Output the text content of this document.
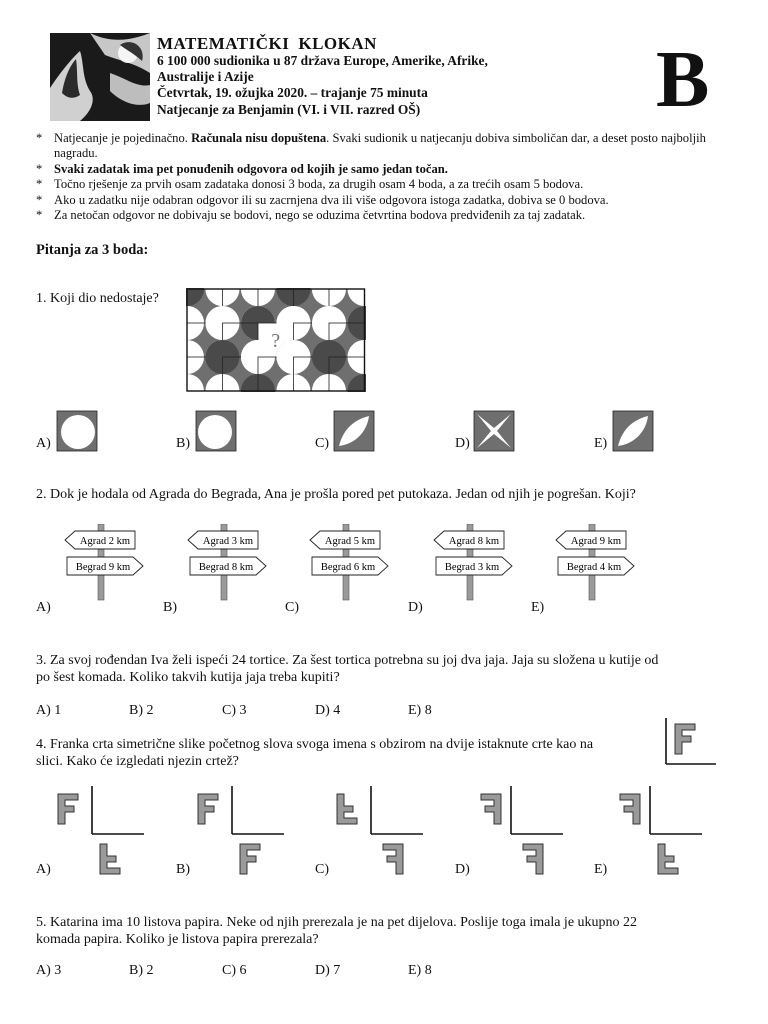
MATEMATIČKI KLOKAN
6 100 000 sudionika u 87 država Europe, Amerike, Afrike,
Australije i Azije
Četvrtak, 19. ožujka 2020. – trajanje 75 minuta
Natjecanje za Benjamin (VI. i VII. razred OŠ)	B
* Natjecanje je pojedinačno. Računala nisu dopuštena. Svaki sudionik u natjecanju dobiva simboličan dar, a deset posto najboljih nagradu.
* Svaki zadatak ima pet ponuđenih odgovora od kojih je samo jedan točan.
* Točno rješenje za prvih osam zadataka donosi 3 boda, za drugih osam 4 boda, a za trećih osam 5 bodova.
* Ako u zadatku nije odabran odgovor ili su zacrnjena dva ili više odgovora istoga zadatka, dobiva se 0 bodova.
* Za netočan odgovor ne dobivaju se bodovi, nego se oduzima četvrtina bodova predviđenih za taj zadatak.
Pitanja za 3 boda:
1. Koji dio nedostaje?
?
A)	B)	C)	D)	E)
2. Dok je hodala od Agrada do Begrada, Ana je prošla pored pet putokaza. Jedan od njih je pogrešan. Koji?
Agrad 2 km
Begrad 9 km
A)
Agrad 3 km
Begrad 8 km
B)
Agrad 5 km
Begrad 6 km
C)
Agrad 8 km
Begrad 3 km
D)
Agrad 9 km
Begrad 4 km
E)
3. Za svoj rođendan Iva želi ispeći 24 tortice. Za šest tortica potrebna su joj dva jaja. Jaja su složena u kutije od
po šest komada. Koliko takvih kutija jaja treba kupiti?
A) 1	B) 2	C) 3	D) 4	E) 8
4. Franka crta simetrične slike početnog slova svoga imena s obzirom na dvije istaknute crte kao na
slici. Kako će izgledati njezin crtež?
A)	B)	C)	D)	E)
5. Katarina ima 10 listova papira. Neke od njih prerezala je na pet dijelova. Poslije toga imala je ukupno 22
komada papira. Koliko je listova papira prerezala?
A) 3	B) 2	C) 6	D) 7	E) 8
